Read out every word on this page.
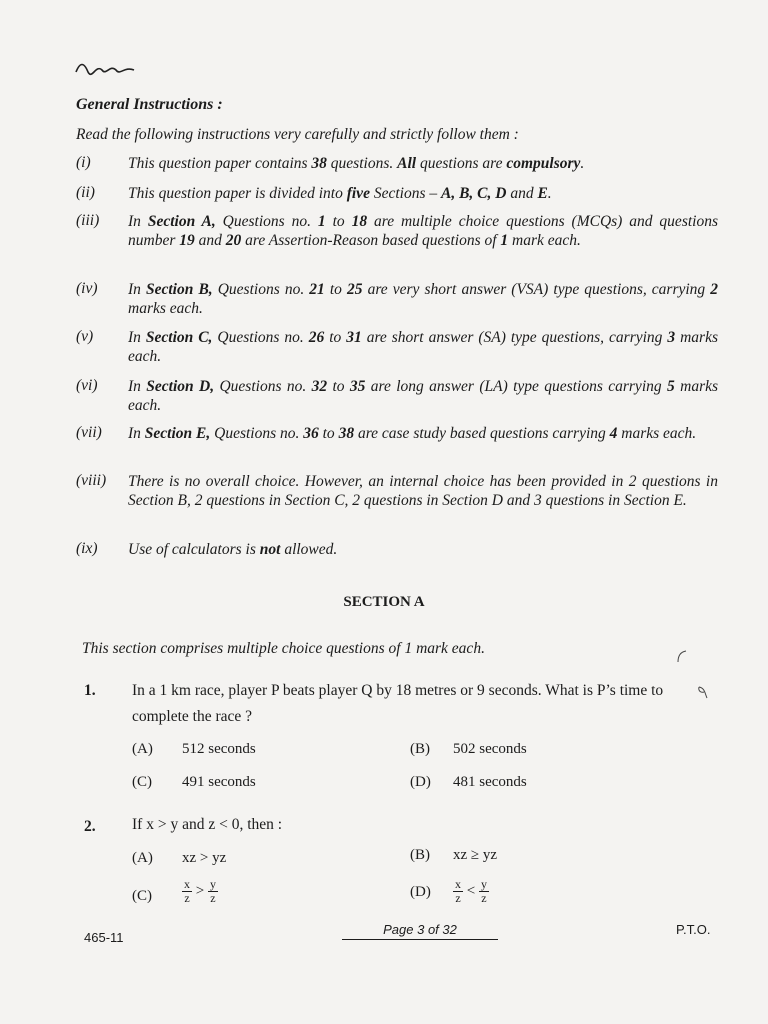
General Instructions :
Read the following instructions very carefully and strictly follow them :
(i) This question paper contains 38 questions. All questions are compulsory.
(ii) This question paper is divided into five Sections – A, B, C, D and E.
(iii) In Section A, Questions no. 1 to 18 are multiple choice questions (MCQs) and questions number 19 and 20 are Assertion-Reason based questions of 1 mark each.
(iv) In Section B, Questions no. 21 to 25 are very short answer (VSA) type questions, carrying 2 marks each.
(v) In Section C, Questions no. 26 to 31 are short answer (SA) type questions, carrying 3 marks each.
(vi) In Section D, Questions no. 32 to 35 are long answer (LA) type questions carrying 5 marks each.
(vii) In Section E, Questions no. 36 to 38 are case study based questions carrying 4 marks each.
(viii) There is no overall choice. However, an internal choice has been provided in 2 questions in Section B, 2 questions in Section C, 2 questions in Section D and 3 questions in Section E.
(ix) Use of calculators is not allowed.
SECTION A
This section comprises multiple choice questions of 1 mark each.
1. In a 1 km race, player P beats player Q by 18 metres or 9 seconds. What is P’s time to complete the race ?
(A) 512 seconds	(B) 502 seconds
(C) 491 seconds	(D) 481 seconds
2. If x > y and z < 0, then :
(A) xz > yz	(B) xz ≥ yz
(C)	$\frac{x}{z} > \frac{y}{z}$	$(D) \frac{x}{z} < \frac{y}{z}$
465-11
Page 3 of 32	P.T.O.
